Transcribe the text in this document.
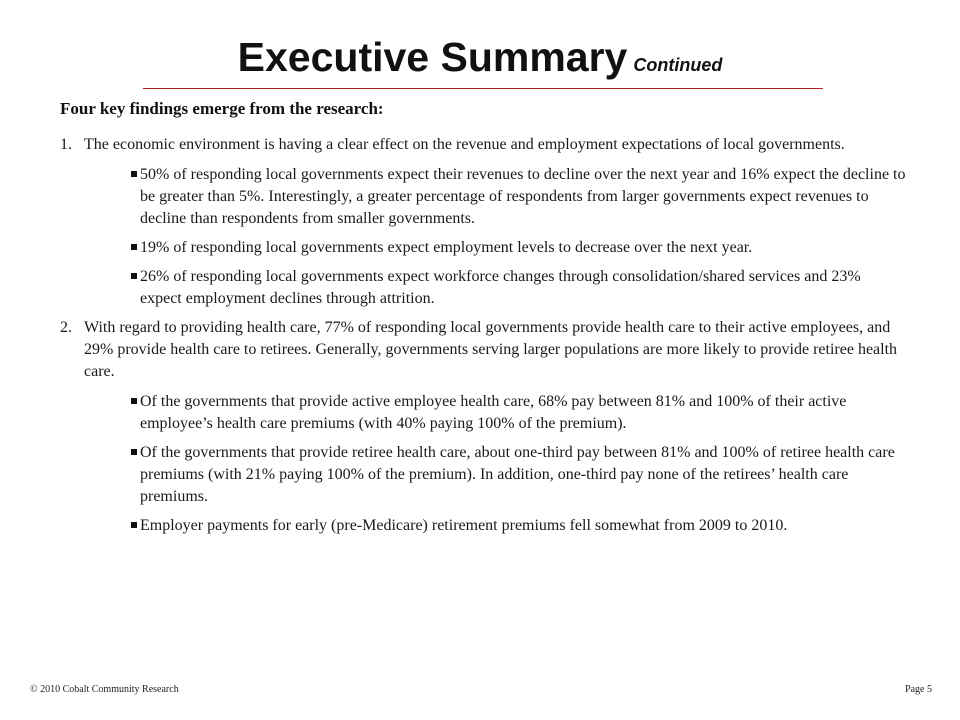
Executive Summary Continued
Four key findings emerge from the research:
1. The economic environment is having a clear effect on the revenue and employment expectations of local governments.
50% of responding local governments expect their revenues to decline over the next year and 16% expect the decline to be greater than 5%. Interestingly, a greater percentage of respondents from larger governments expect revenues to decline than respondents from smaller governments.
19% of responding local governments expect employment levels to decrease over the next year.
26% of responding local governments expect workforce changes through consolidation/shared services and 23% expect employment declines through attrition.
2. With regard to providing health care, 77% of responding local governments provide health care to their active employees, and 29% provide health care to retirees. Generally, governments serving larger populations are more likely to provide retiree health care.
Of the governments that provide active employee health care, 68% pay between 81% and 100% of their active employee’s health care premiums (with 40% paying 100% of the premium).
Of the governments that provide retiree health care, about one-third pay between 81% and 100% of retiree health care premiums (with 21% paying 100% of the premium). In addition, one-third pay none of the retirees’ health care premiums.
Employer payments for early (pre-Medicare) retirement premiums fell somewhat from 2009 to 2010.
© 2010 Cobalt Community Research	Page 5
